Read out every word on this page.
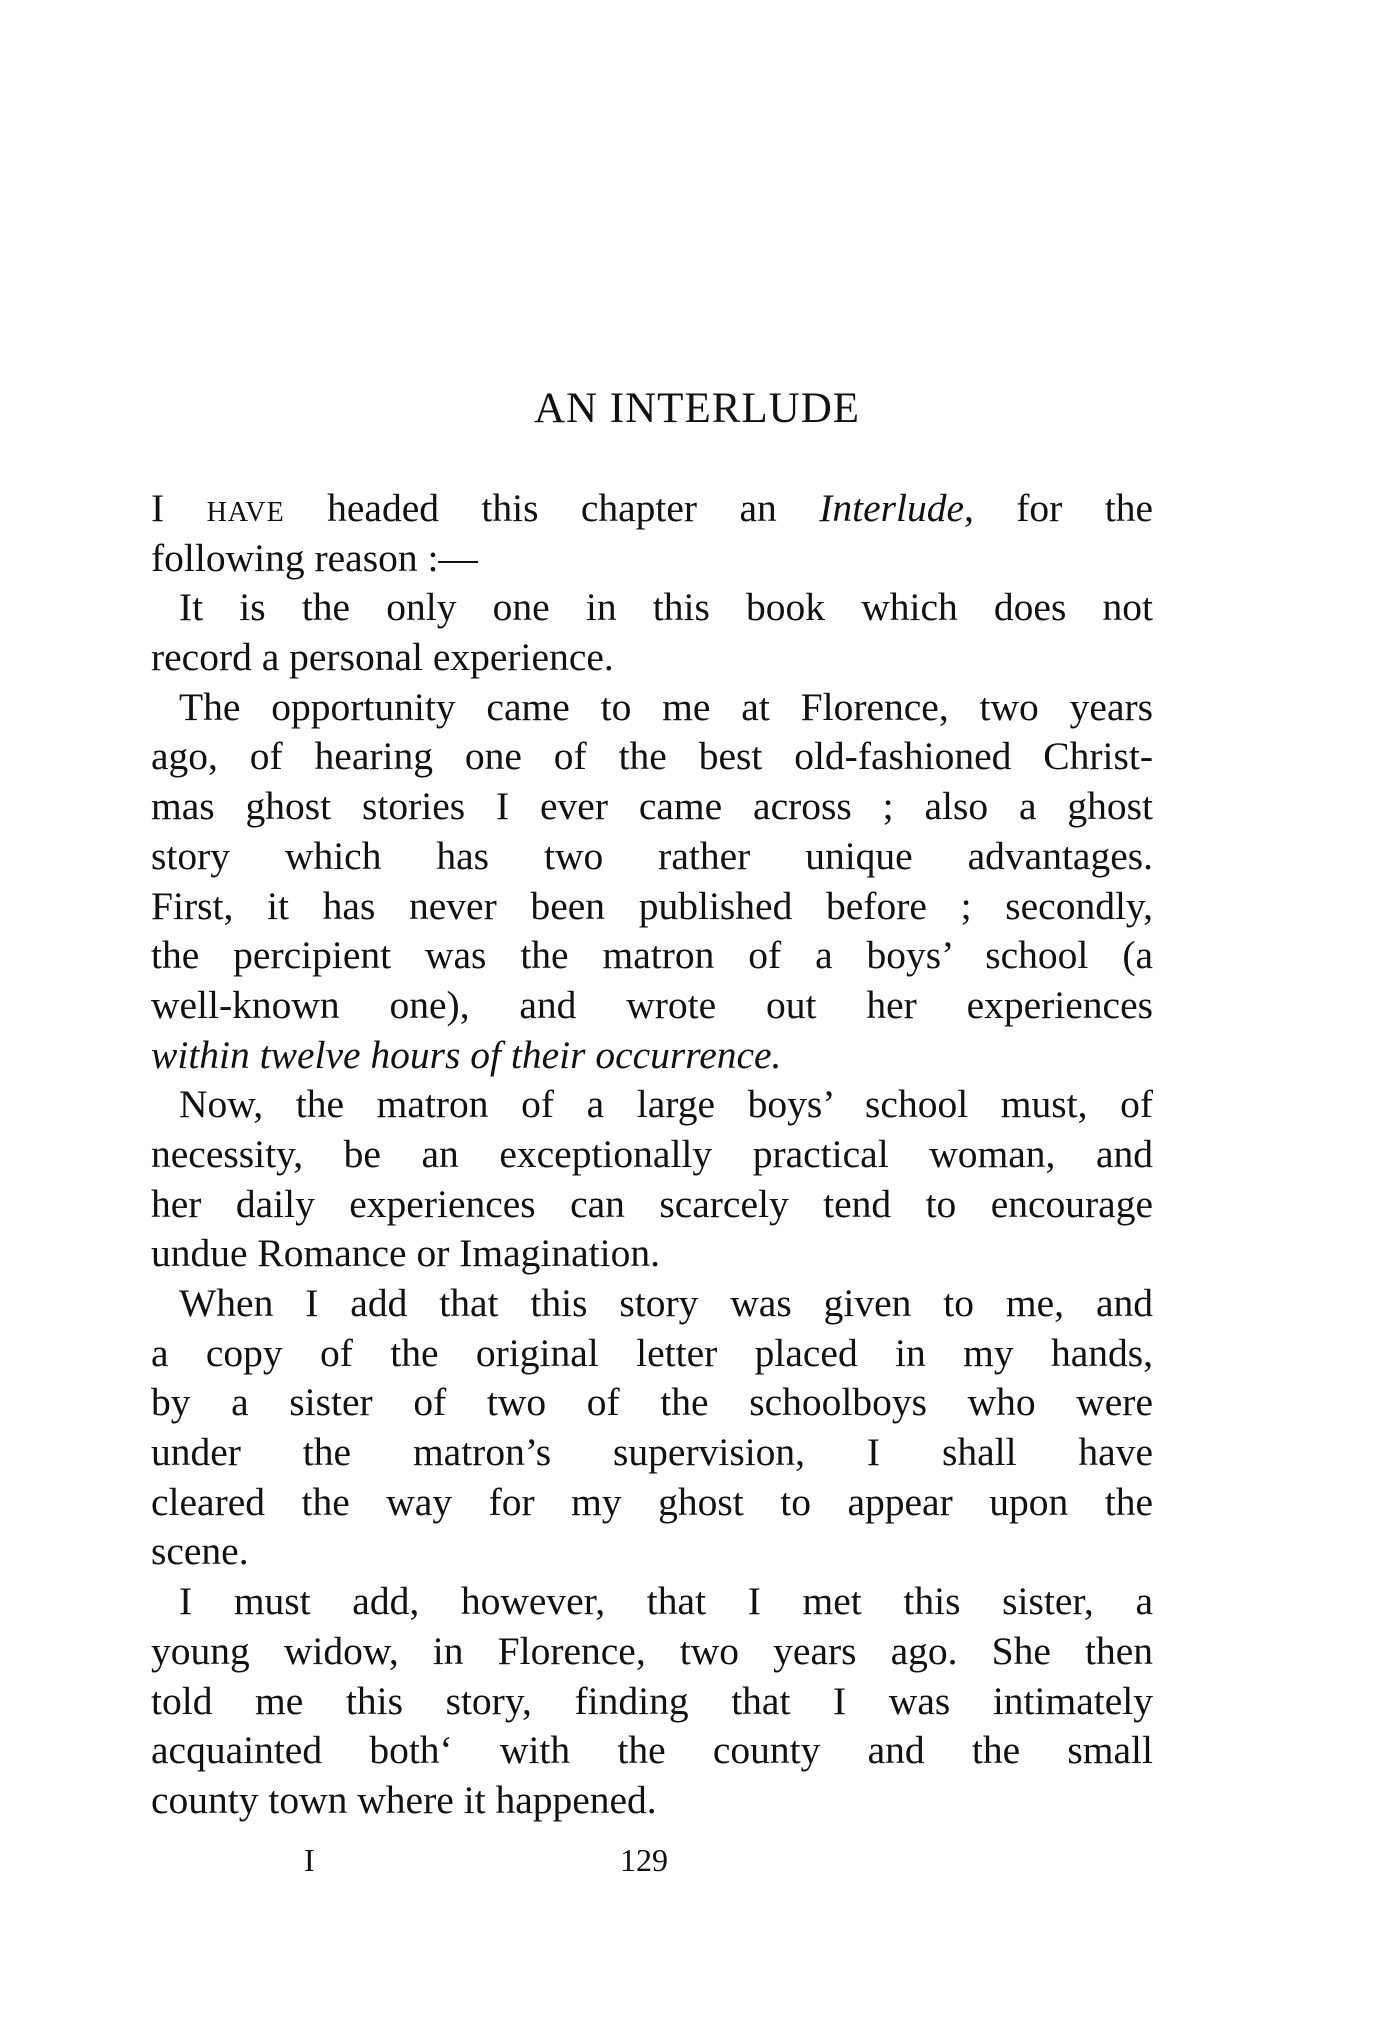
AN INTERLUDE
I have headed this chapter an Interlude, for the
following reason :—
It is the only one in this book which does not
record a personal experience.
The opportunity came to me at Florence, two years
ago, of hearing one of the best old-fashioned Christ-
mas ghost stories I ever came across ; also a ghost
story which has two rather unique advantages.
First, it has never been published before ; secondly,
the percipient was the matron of a boys’ school (a
well-known one), and wrote out her experiences
within twelve hours of their occurrence.
Now, the matron of a large boys’ school must, of
necessity, be an exceptionally practical woman, and
her daily experiences can scarcely tend to encourage
undue Romance or Imagination.
When I add that this story was given to me, and
a copy of the original letter placed in my hands,
by a sister of two of the schoolboys who were
under the matron’s supervision, I shall have
cleared the way for my ghost to appear upon the
scene.
I must add, however, that I met this sister, a
young widow, in Florence, two years ago. She then
told me this story, finding that I was intimately
acquainted both‘ with the county and the small
county town where it happened.
I	129
